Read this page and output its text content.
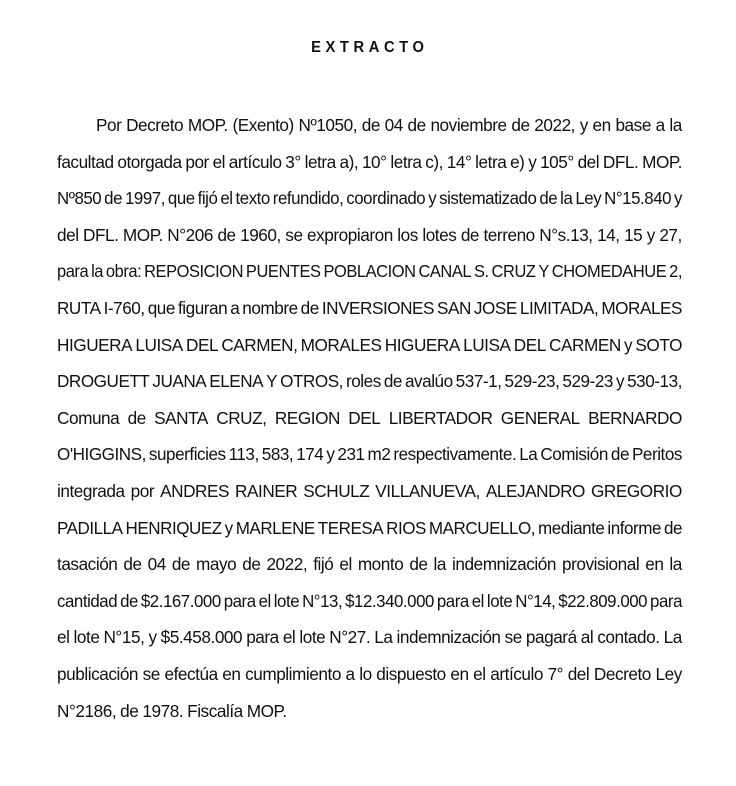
EXTRACTO
Por Decreto MOP. (Exento) Nº1050, de 04 de noviembre de 2022, y en base a la
facultad otorgada por el artículo 3° letra a), 10° letra c), 14° letra e) y 105° del DFL. MOP.
Nº850 de 1997, que fijó el texto refundido, coordinado y sistematizado de la Ley N°15.840 y
del DFL. MOP. N°206 de 1960, se expropiaron los lotes de terreno N°s.13, 14, 15 y 27,
para la obra: REPOSICION PUENTES POBLACION CANAL S. CRUZ Y CHOMEDAHUE 2,
RUTA I-760, que figuran a nombre de INVERSIONES SAN JOSE LIMITADA, MORALES
HIGUERA LUISA DEL CARMEN, MORALES HIGUERA LUISA DEL CARMEN y SOTO
DROGUETT JUANA ELENA Y OTROS, roles de avalúo 537-1, 529-23, 529-23 y 530-13,
Comuna de SANTA CRUZ, REGION DEL LIBERTADOR GENERAL BERNARDO
O'HIGGINS, superficies 113, 583, 174 y 231 m2 respectivamente. La Comisión de Peritos
integrada por ANDRES RAINER SCHULZ VILLANUEVA, ALEJANDRO GREGORIO
PADILLA HENRIQUEZ y MARLENE TERESA RIOS MARCUELLO, mediante informe de
tasación de 04 de mayo de 2022, fijó el monto de la indemnización provisional en la
cantidad de $2.167.000 para el lote N°13, $12.340.000 para el lote N°14, $22.809.000 para
el lote N°15, y $5.458.000 para el lote N°27. La indemnización se pagará al contado. La
publicación se efectúa en cumplimiento a lo dispuesto en el artículo 7° del Decreto Ley
N°2186, de 1978. Fiscalía MOP.
